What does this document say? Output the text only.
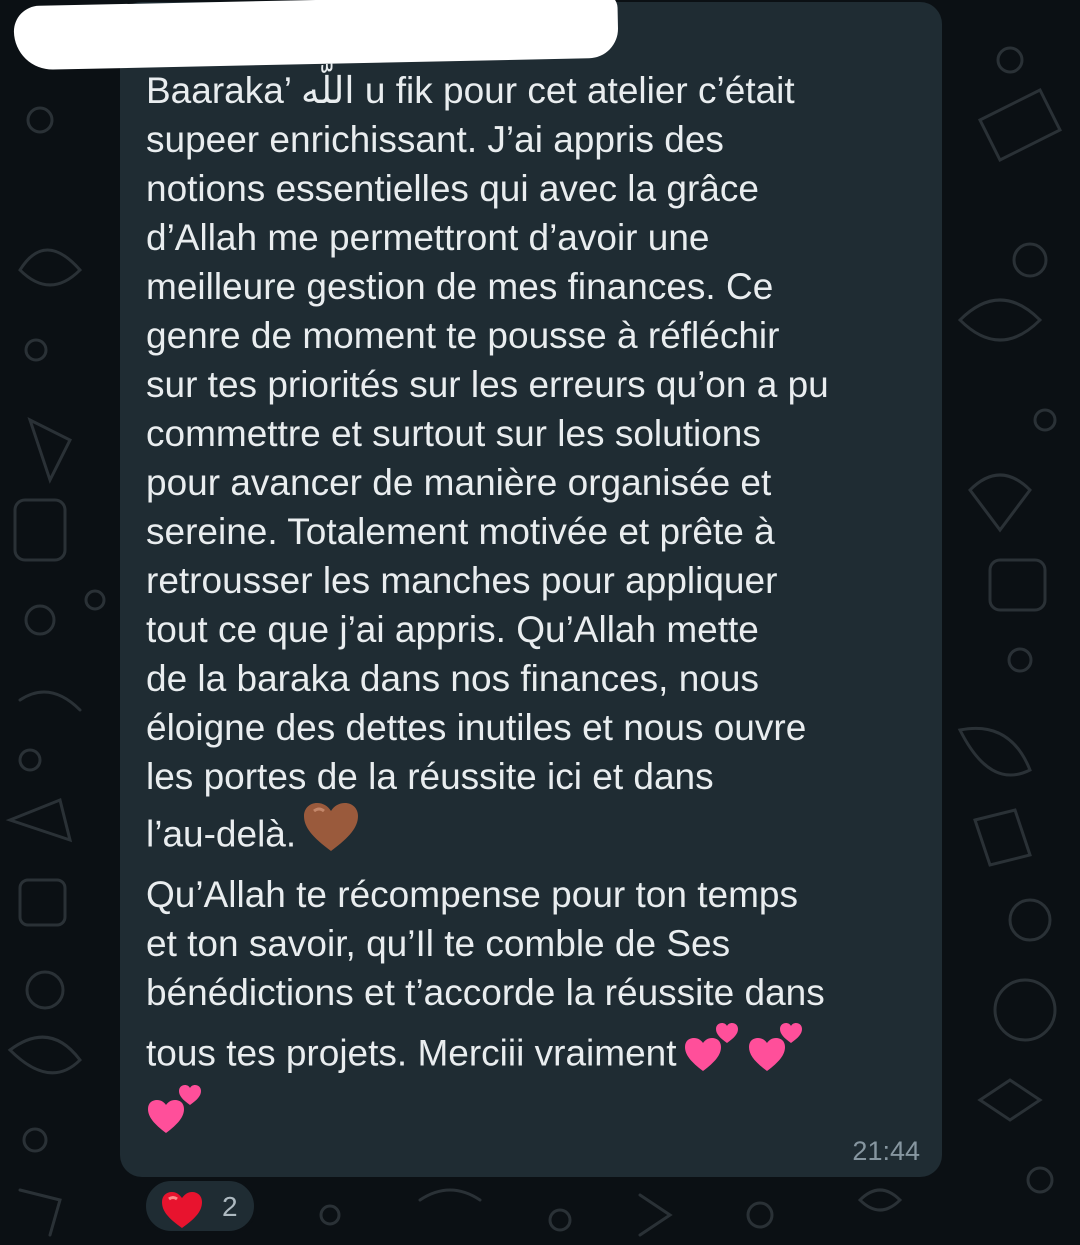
Baaraka’ اللّه u fik pour cet atelier c’était
supeer enrichissant. J’ai appris des
notions essentielles qui avec la grâce
d’Allah me permettront d’avoir une
meilleure gestion de mes finances. Ce
genre de moment te pousse à réfléchir
sur tes priorités sur les erreurs qu’on a pu
commettre et surtout sur les solutions
pour avancer de manière organisée et
sereine. Totalement motivée et prête à
retrousser les manches pour appliquer
tout ce que j’ai appris. Qu’Allah mette
de la baraka dans nos finances, nous
éloigne des dettes inutiles et nous ouvre
les portes de la réussite ici et dans
l’au-delà.
Qu’Allah te récompense pour ton temps
et ton savoir, qu’Il te comble de Ses
bénédictions et t’accorde la réussite dans
tous tes projets. Merciii vraiment
21:44
2
